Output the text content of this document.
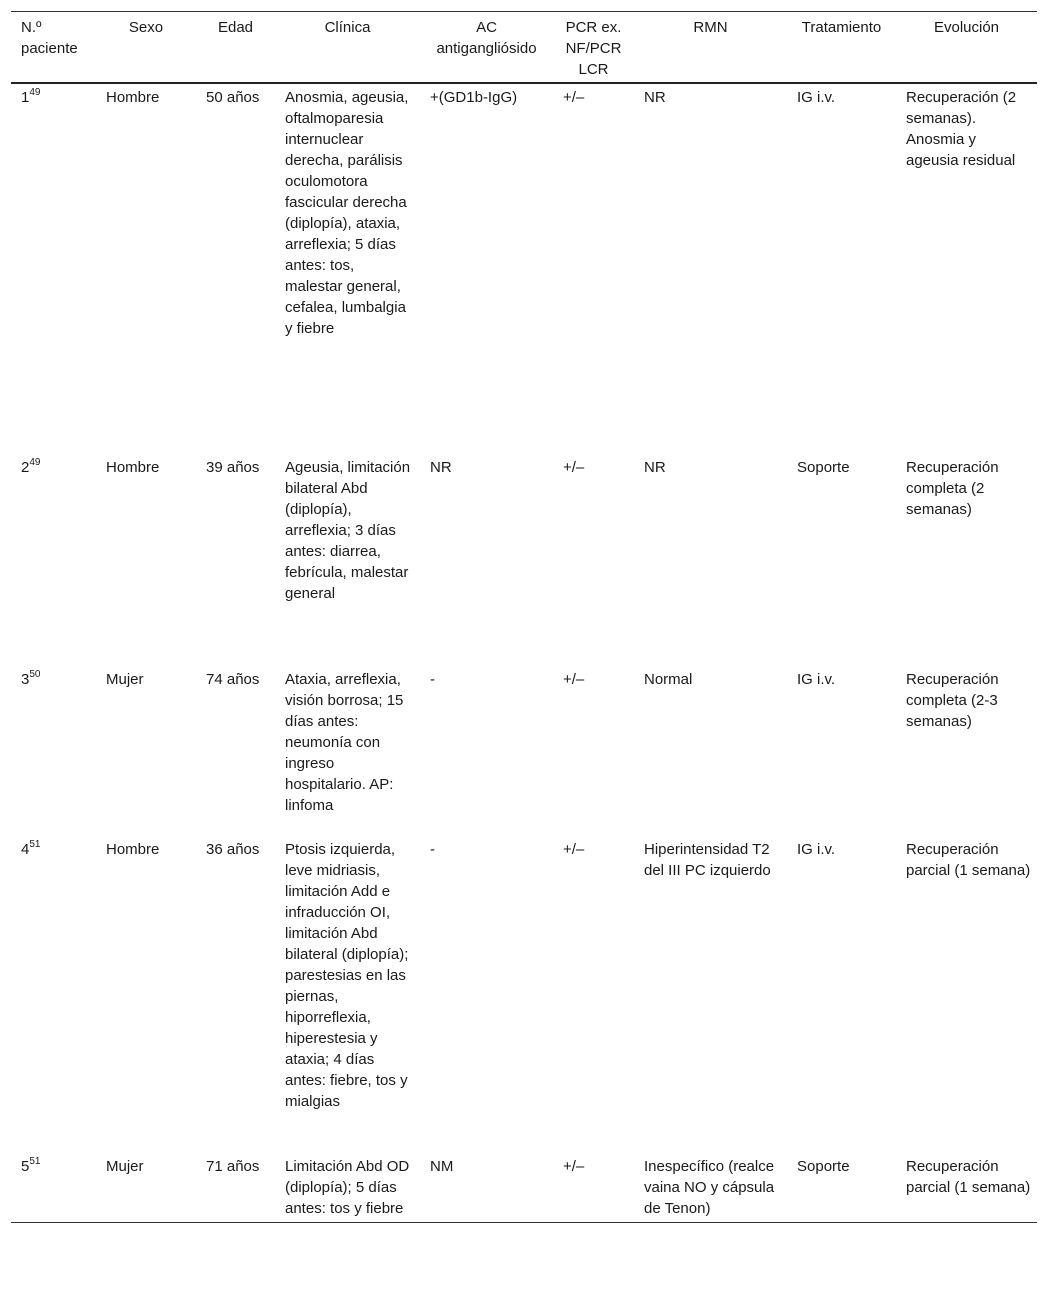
N.º paciente	Sexo	Edad	Clínica	AC antigangliósido	PCR ex. NF/PCR LCR	RMN	Tratamiento	Evolución
$1^{49}$	Hombre	50 años	Anosmia, ageusia, oftalmoparesia internuclear derecha, parálisis oculomotora fascicular derecha (diplopía), ataxia, arreflexia; 5 días antes: tos, malestar general, cefalea, lumbalgia y fiebre	+(GD1b-IgG)	+/–	NR	IG i.v.	Recuperación (2 semanas). Anosmia y ageusia residual
$2^{49}$	Hombre	39 años	Ageusia, limitación bilateral Abd (diplopía), arreflexia; 3 días antes: diarrea, febrícula, malestar general	NR	+/–	NR	Soporte	Recuperación completa (2 semanas)
$3^{50}$	Mujer	74 años	Ataxia, arreflexia, visión borrosa; 15 días antes: neumonía con ingreso hospitalario. AP: linfoma	-	+/–	Normal	IG i.v.	Recuperación completa (2-3 semanas)
$4^{51}$	Hombre	36 años	Ptosis izquierda, leve midriasis, limitación Add e infraducción OI, limitación Abd bilateral (diplopía); parestesias en las piernas, hiporreflexia, hiperestesia y ataxia; 4 días antes: fiebre, tos y mialgias	-	+/–	Hiperintensidad T2 del III PC izquierdo	IG i.v.	Recuperación parcial (1 semana)
$5^{51}$	Mujer	71 años	Limitación Abd OD (diplopía); 5 días antes: tos y fiebre	NM	+/–	Inespecífico (realce vaina NO y cápsula de Tenon)	Soporte	Recuperación parcial (1 semana)
